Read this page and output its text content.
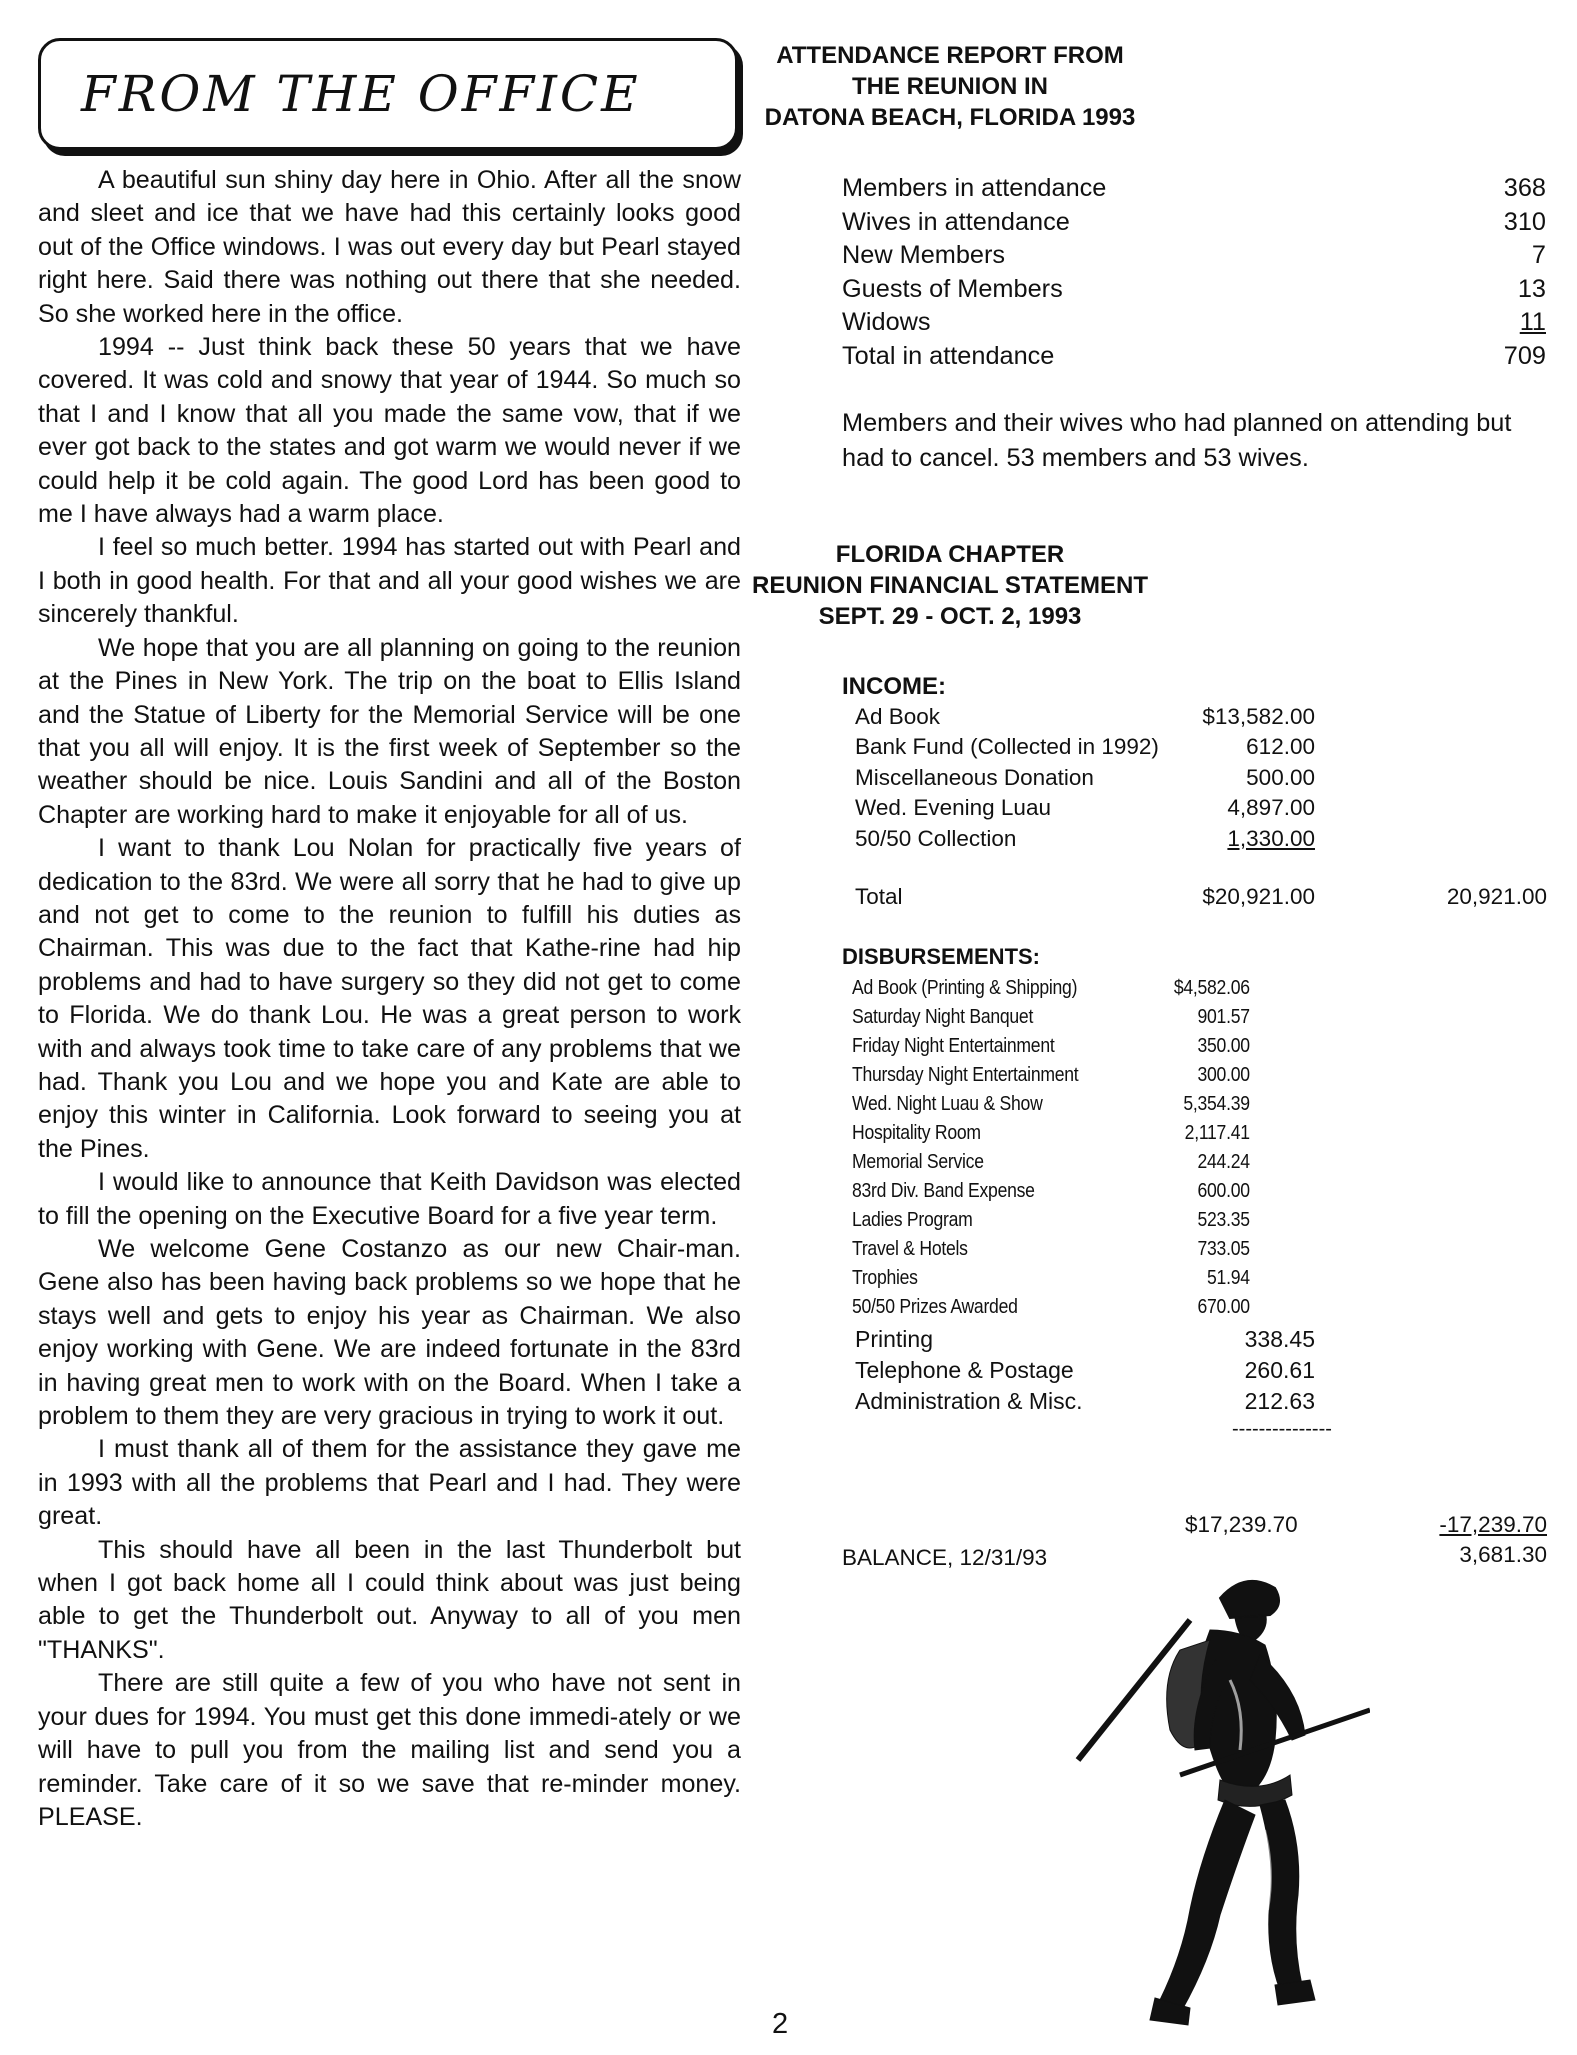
FROM THE OFFICE

A beautiful sun shiny day here in Ohio. After all the snow and sleet and ice that we have had this certainly looks good out of the Office windows. I was out every day but Pearl stayed right here. Said there was nothing out there that she needed. So she worked here in the office.

1994 -- Just think back these 50 years that we have covered. It was cold and snowy that year of 1944. So much so that I and I know that all you made the same vow, that if we ever got back to the states and got warm we would never if we could help it be cold again. The good Lord has been good to me I have always had a warm place.

I feel so much better. 1994 has started out with Pearl and I both in good health. For that and all your good wishes we are sincerely thankful.

We hope that you are all planning on going to the reunion at the Pines in New York. The trip on the boat to Ellis Island and the Statue of Liberty for the Memorial Service will be one that you all will enjoy. It is the first week of September so the weather should be nice. Louis Sandini and all of the Boston Chapter are working hard to make it enjoyable for all of us.

I want to thank Lou Nolan for practically five years of dedication to the 83rd. We were all sorry that he had to give up and not get to come to the reunion to fulfill his duties as Chairman. This was due to the fact that Kathe-rine had hip problems and had to have surgery so they did not get to come to Florida. We do thank Lou. He was a great person to work with and always took time to take care of any problems that we had. Thank you Lou and we hope you and Kate are able to enjoy this winter in California. Look forward to seeing you at the Pines.

I would like to announce that Keith Davidson was elected to fill the opening on the Executive Board for a five year term.

We welcome Gene Costanzo as our new Chair-man. Gene also has been having back problems so we hope that he stays well and gets to enjoy his year as Chairman. We also enjoy working with Gene. We are indeed fortunate in the 83rd in having great men to work with on the Board. When I take a problem to them they are very gracious in trying to work it out.

I must thank all of them for the assistance they gave me in 1993 with all the problems that Pearl and I had. They were great.

This should have all been in the last Thunderbolt but when I got back home all I could think about was just being able to get the Thunderbolt out. Anyway to all of you men "THANKS".

There are still quite a few of you who have not sent in your dues for 1994. You must get this done immedi-ately or we will have to pull you from the mailing list and send you a reminder. Take care of it so we save that re-minder money. PLEASE.

ATTENDANCE REPORT FROM
THE REUNION IN
DATONA BEACH, FLORIDA 1993
Members in attendance	368
Wives in attendance	310
New Members	7
Guests of Members	13
Widows	11
Total in attendance	709
Members and their wives who had planned on attending but had to cancel. 53 members and 53 wives.
FLORIDA CHAPTER
REUNION FINANCIAL STATEMENT
SEPT. 29 - OCT. 2, 1993
INCOME:
Ad Book	$13,582.00
Bank Fund (Collected in 1992)	612.00
Miscellaneous Donation	500.00
Wed. Evening Luau	4,897.00
50/50 Collection	1,330.00
Total	$20,921.00	20,921.00
DISBURSEMENTS:
Ad Book (Printing & Shipping)	$4,582.06
Saturday Night Banquet	901.57
Friday Night Entertainment	350.00
Thursday Night Entertainment	300.00
Wed. Night Luau & Show	5,354.39
Hospitality Room	2,117.41
Memorial Service	244.24
83rd Div. Band Expense	600.00
Ladies Program	523.35
Travel & Hotels	733.05
Trophies	51.94
50/50 Prizes Awarded	670.00
Printing	338.45
Telephone & Postage	260.61
Administration & Misc.	212.63
---------------
$17,239.70	-17,239.70
BALANCE, 12/31/93	3,681.30
2
